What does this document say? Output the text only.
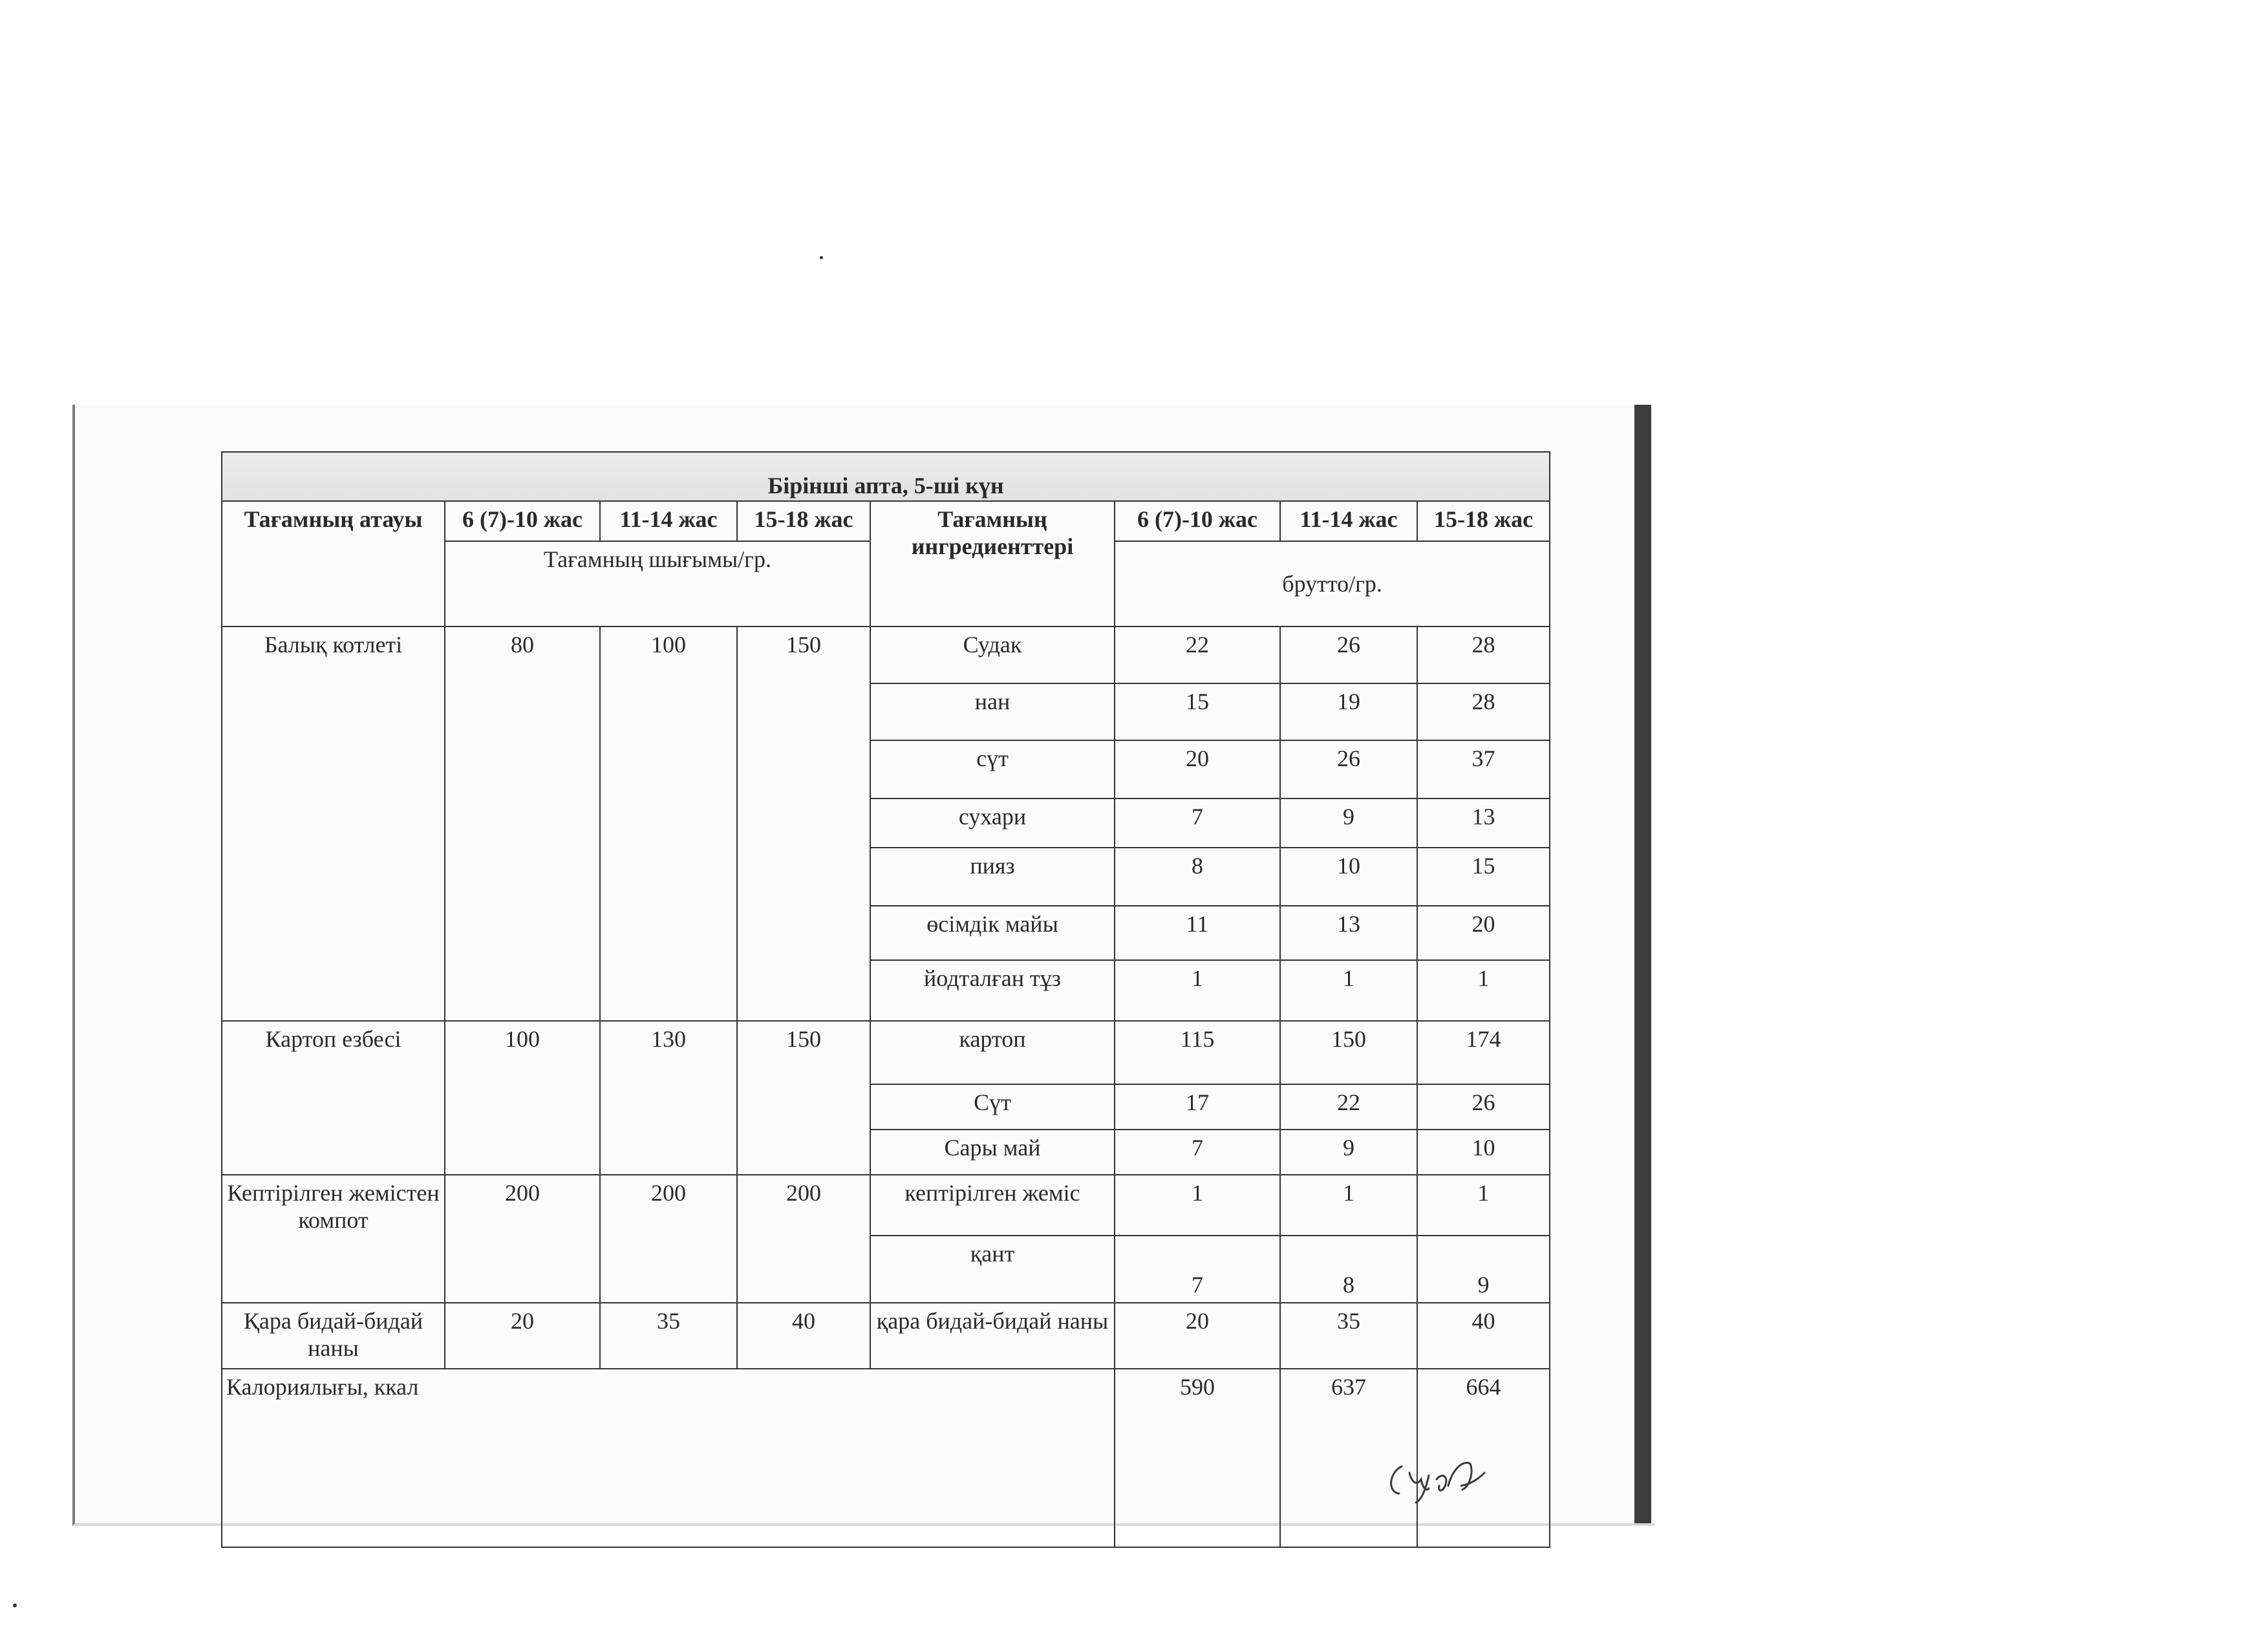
Бірінші апта, 5-ші күн							
Тағамның атауы	6 (7)-10 жас	11-14 жас	15-18 жас	Тағамның ингредиенттері	6 (7)-10 жас	11-14 жас	15-18 жас
	Тағамның шығымы/гр.				брутто/гр.		
Балық котлеті	80	100	150	Судак	22	26	28
				нан	15	19	28
				сүт	20	26	37
				сухари	7	9	13
				пияз	8	10	15
				өсімдік майы	11	13	20
				йодталған тұз	1	1	1
Картоп езбесі	100	130	150	картоп	115	150	174
				Сүт	17	22	26
				Сары май	7	9	10
Кептірілген жемістен компот	200	200	200	кептірілген жеміс	1	1	1
				қант	7	8	9
Қара бидай-бидай наны	20	35	40	қара бидай-бидай наны	20	35	40
Калориялығы, ккал					590	637	664
